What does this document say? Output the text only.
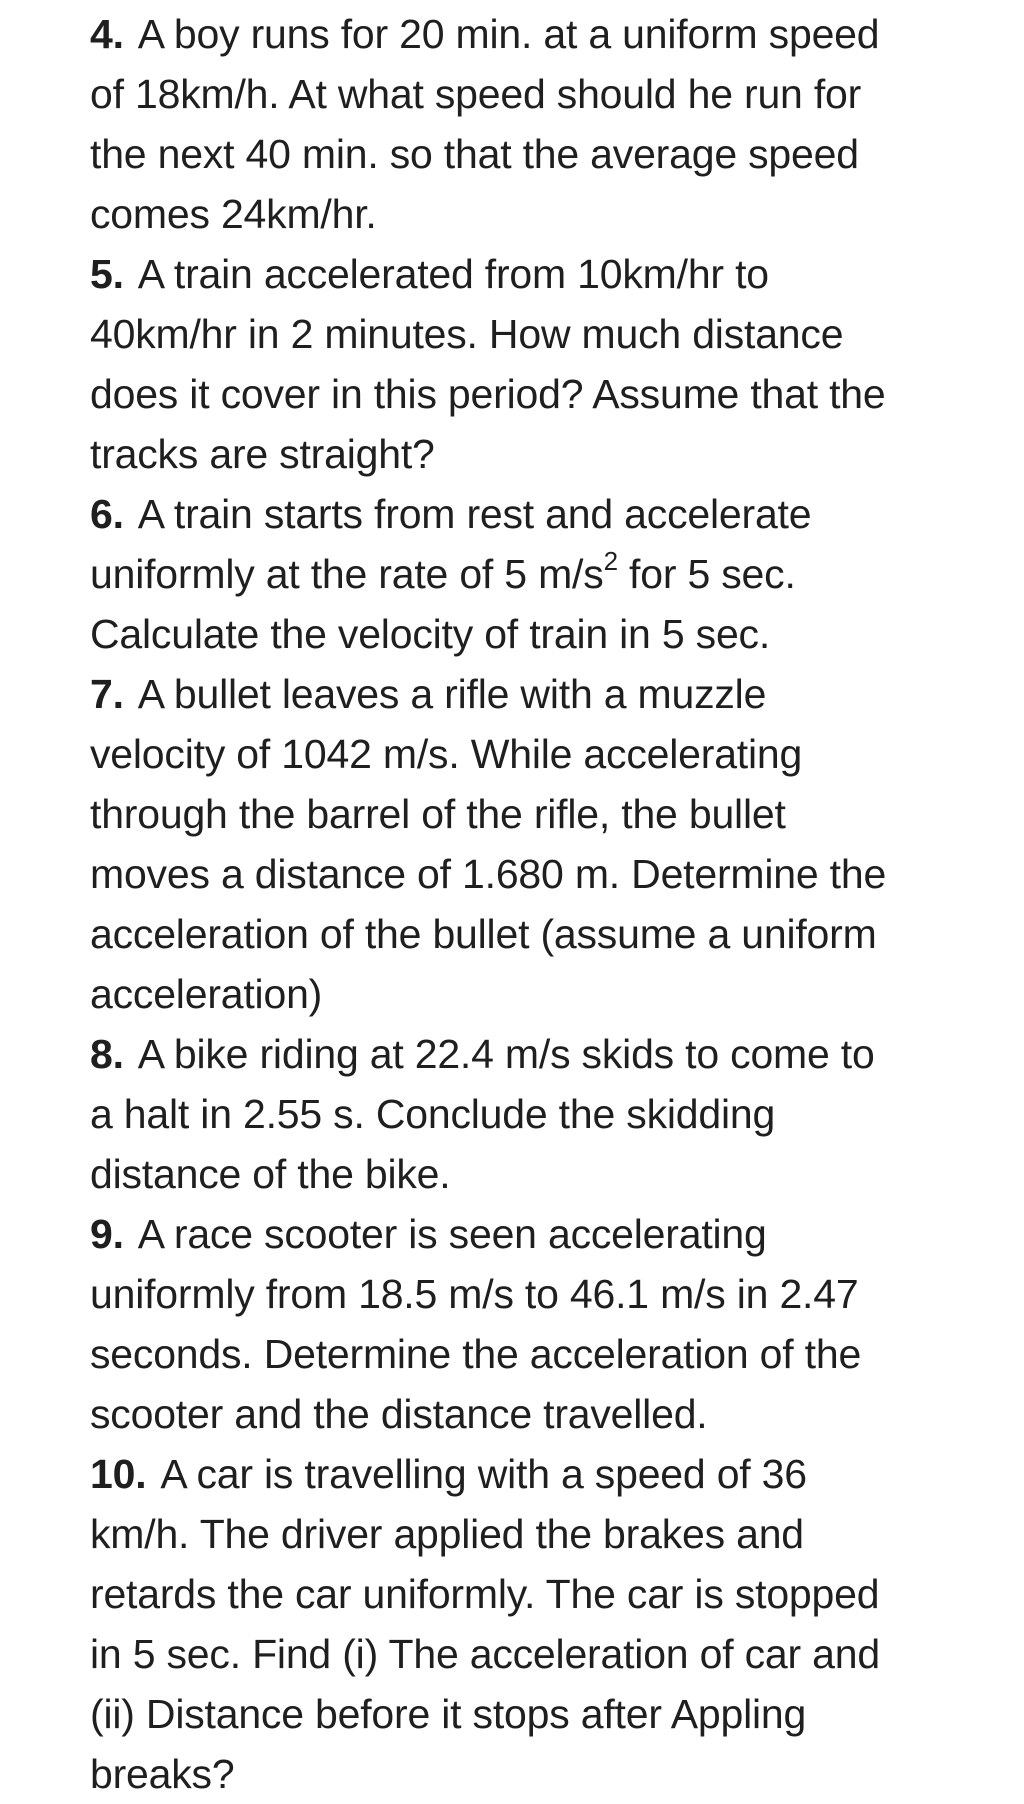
4. A boy runs for 20 min. at a uniform speed
of 18km/h. At what speed should he run for
the next 40 min. so that the average speed
comes 24km/hr.
5. A train accelerated from 10km/hr to
40km/hr in 2 minutes. How much distance
does it cover in this period? Assume that the
tracks are straight?
6. A train starts from rest and accelerate
uniformly at the rate of 5 $m/s^2$ for 5 sec.
Calculate the velocity of train in 5 sec.
7. A bullet leaves a rifle with a muzzle
velocity of 1042 m/s. While accelerating
through the barrel of the rifle, the bullet
moves a distance of 1.680 m. Determine the
acceleration of the bullet (assume a uniform
acceleration)
8. A bike riding at 22.4 m/s skids to come to
a halt in 2.55 s. Conclude the skidding
distance of the bike.
9. A race scooter is seen accelerating
uniformly from 18.5 m/s to 46.1 m/s in 2.47
seconds. Determine the acceleration of the
scooter and the distance travelled.
10. A car is travelling with a speed of 36
km/h. The driver applied the brakes and
retards the car uniformly. The car is stopped
in 5 sec. Find (i) The acceleration of car and
(ii) Distance before it stops after Appling
breaks?
